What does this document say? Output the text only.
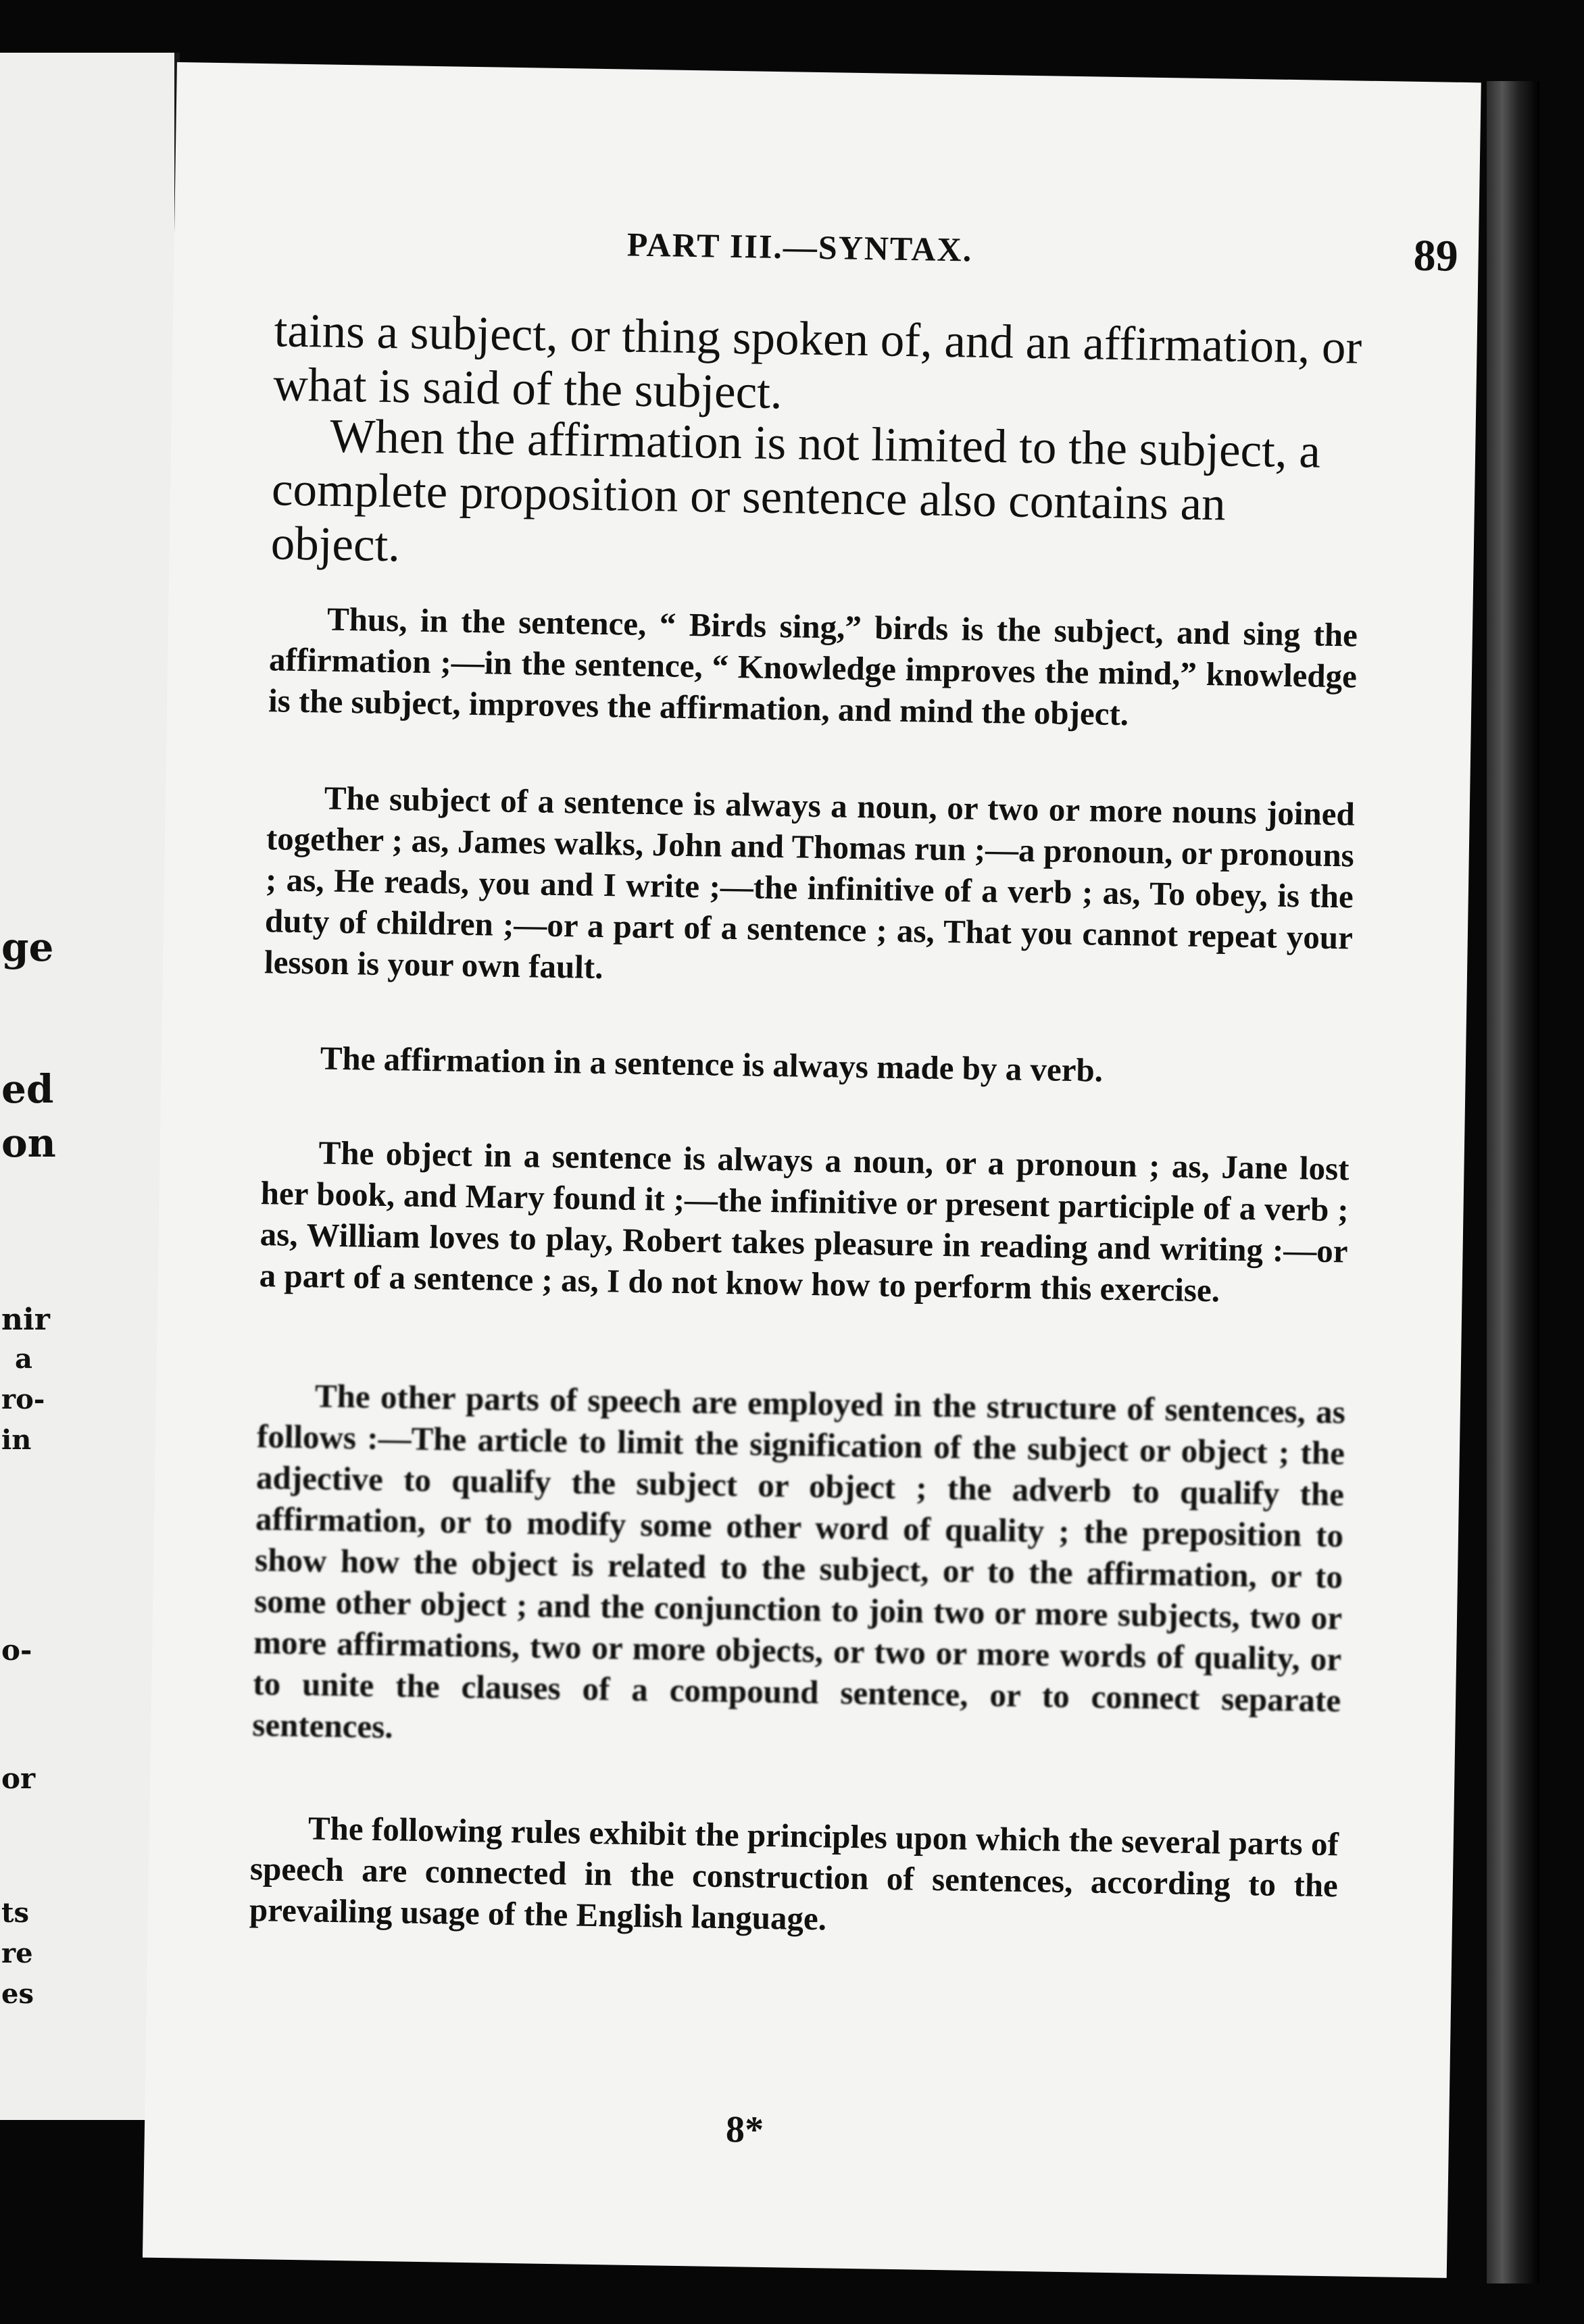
ge
ed
on
nir
a
ro-
in
o-
or
ts
re
es
PART III.—SYNTAX.	89
tains a subject, or thing spoken of, and an affirmation, or what is said of the subject.
When the affirmation is not limited to the subject, a complete proposition or sentence also contains an object.
Thus, in the sentence, “ Birds sing,” birds is the subject, and sing the affirmation ;—in the sentence, “ Knowledge improves the mind,” knowledge is the subject, improves the affirmation, and mind the object.
The subject of a sentence is always a noun, or two or more nouns joined together ; as, James walks, John and Thomas run ;—a pronoun, or pronouns ; as, He reads, you and I write ;—the infinitive of a verb ; as, To obey, is the duty of children ;—or a part of a sentence ; as, That you cannot repeat your lesson is your own fault.
The affirmation in a sentence is always made by a verb.
The object in a sentence is always a noun, or a pronoun ; as, Jane lost her book, and Mary found it ;—the infinitive or present participle of a verb ; as, William loves to play, Robert takes pleasure in reading and writing :—or a part of a sentence ; as, I do not know how to perform this exercise.
The other parts of speech are employed in the structure of sentences, as follows :—The article to limit the signification of the subject or object ; the adjective to qualify the subject or object ; the adverb to qualify the affirmation, or to modify some other word of quality ; the preposition to show how the object is related to the subject, or to the affirmation, or to some other object ; and the conjunction to join two or more subjects, two or more affirmations, two or more objects, or two or more words of quality, or to unite the clauses of a compound sentence, or to connect separate sentences.
The following rules exhibit the principles upon which the several parts of speech are connected in the construction of sentences, according to the prevailing usage of the English language.
8*
